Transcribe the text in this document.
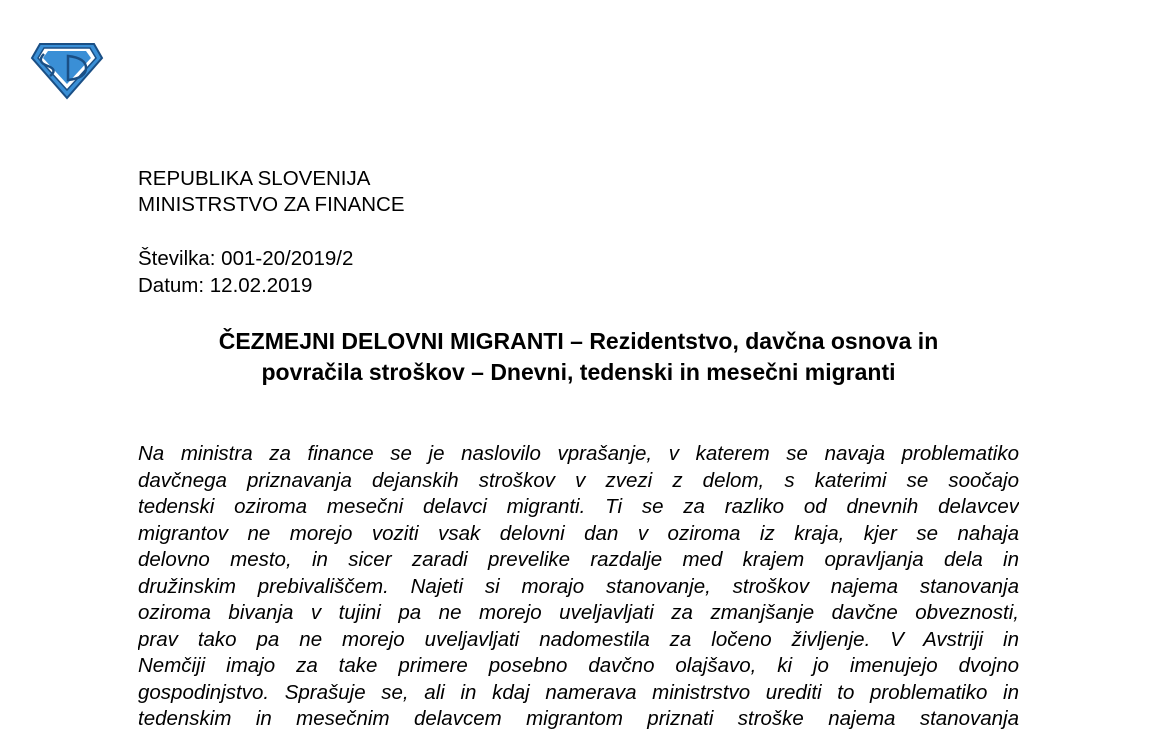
REPUBLIKA SLOVENIJA
MINISTRSTVO ZA FINANCE
Številka: 001-20/2019/2
Datum: 12.02.2019
ČEZMEJNI DELOVNI MIGRANTI – Rezidentstvo, davčna osnova in
povračila stroškov – Dnevni, tedenski in mesečni migranti
Na ministra za finance se je naslovilo vprašanje, v katerem se navaja problematiko
davčnega priznavanja dejanskih stroškov v zvezi z delom, s katerimi se soočajo
tedenski oziroma mesečni delavci migranti. Ti se za razliko od dnevnih delavcev
migrantov ne morejo voziti vsak delovni dan v oziroma iz kraja, kjer se nahaja
delovno mesto, in sicer zaradi prevelike razdalje med krajem opravljanja dela in
družinskim prebivališčem. Najeti si morajo stanovanje, stroškov najema stanovanja
oziroma bivanja v tujini pa ne morejo uveljavljati za zmanjšanje davčne obveznosti,
prav tako pa ne morejo uveljavljati nadomestila za ločeno življenje. V Avstriji in
Nemčiji imajo za take primere posebno davčno olajšavo, ki jo imenujejo dvojno
gospodinjstvo. Sprašuje se, ali in kdaj namerava ministrstvo urediti to problematiko in
tedenskim in mesečnim delavcem migrantom priznati stroške najema stanovanja
